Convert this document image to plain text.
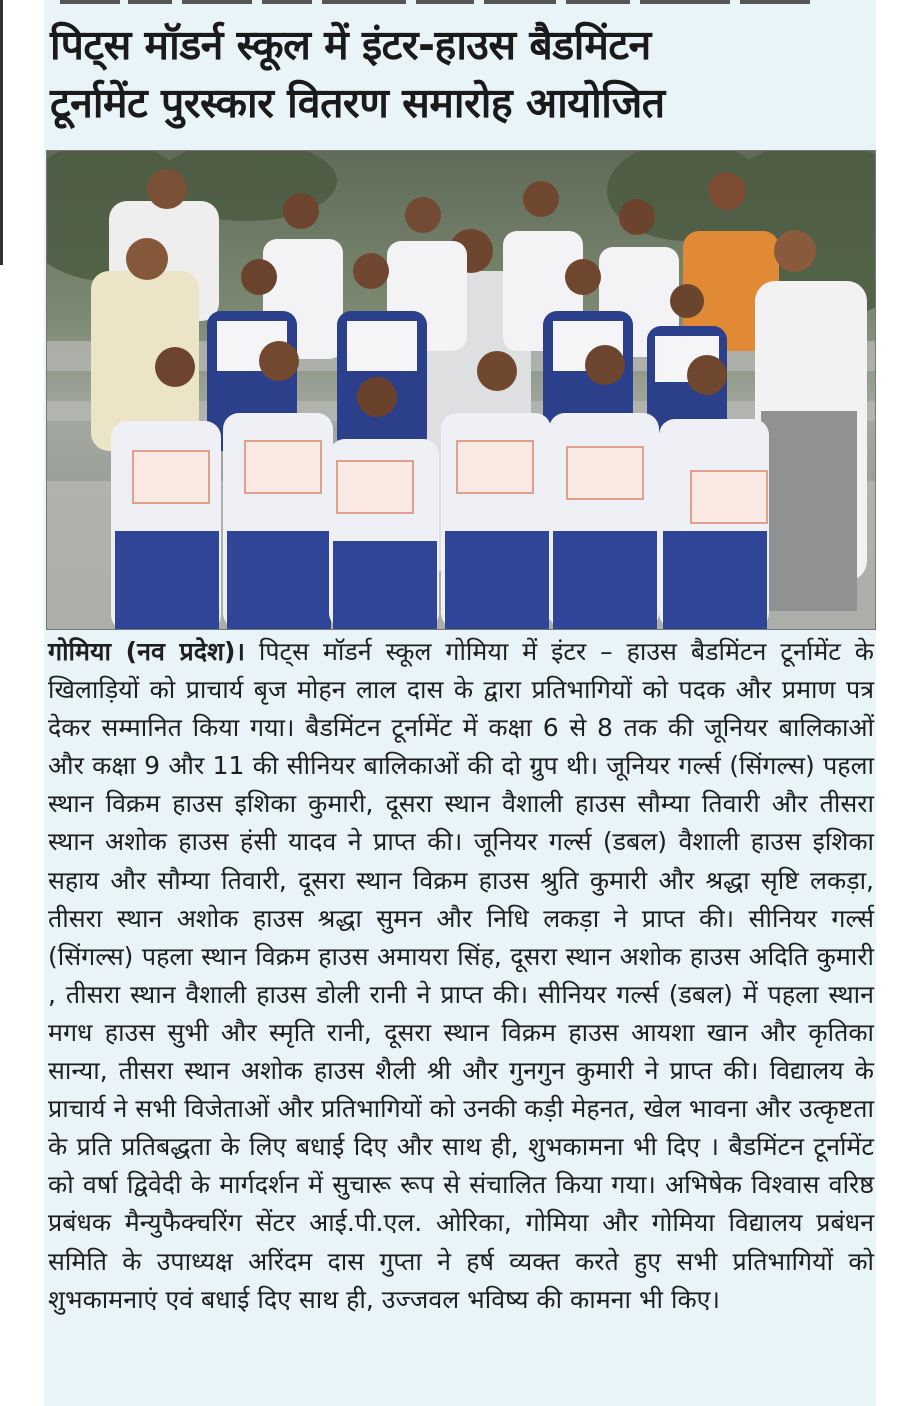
पिट्स मॉडर्न स्कूल में इंटर-हाउस बैडमिंटन
टूर्नामेंट पुरस्कार वितरण समारोह आयोजित

गोमिया (नव प्रदेश)। पिट्स मॉडर्न स्कूल गोमिया में इंटर – हाउस बैडमिंटन टूर्नामेंट के खिलाड़ियों को प्राचार्य बृज मोहन लाल दास के द्वारा प्रतिभागियों को पदक और प्रमाण पत्र देकर सम्मानित किया गया। बैडमिंटन टूर्नामेंट में कक्षा 6 से 8 तक की जूनियर बालिकाओं और कक्षा 9 और 11 की सीनियर बालिकाओं की दो ग्रुप थी। जूनियर गर्ल्स (सिंगल्स) पहला स्थान विक्रम हाउस इशिका कुमारी, दूसरा स्थान वैशाली हाउस सौम्या तिवारी और तीसरा स्थान अशोक हाउस हंसी यादव ने प्राप्त की। जूनियर गर्ल्स (डबल) वैशाली हाउस इशिका सहाय और सौम्या तिवारी, दूसरा स्थान विक्रम हाउस श्रुति कुमारी और श्रद्धा सृष्टि लकड़ा, तीसरा स्थान अशोक हाउस श्रद्धा सुमन और निधि लकड़ा ने प्राप्त की। सीनियर गर्ल्स (सिंगल्स) पहला स्थान विक्रम हाउस अमायरा सिंह, दूसरा स्थान अशोक हाउस अदिति कुमारी , तीसरा स्थान वैशाली हाउस डोली रानी ने प्राप्त की। सीनियर गर्ल्स (डबल) में पहला स्थान मगध हाउस सुभी और स्मृति रानी, दूसरा स्थान विक्रम हाउस आयशा खान और कृतिका सान्या, तीसरा स्थान अशोक हाउस शैली श्री और गुनगुन कुमारी ने प्राप्त की। विद्यालय के प्राचार्य ने सभी विजेताओं और प्रतिभागियों को उनकी कड़ी मेहनत, खेल भावना और उत्कृष्टता के प्रति प्रतिबद्धता के लिए बधाई दिए और साथ ही, शुभकामना भी दिए । बैडमिंटन टूर्नामेंट को वर्षा द्विवेदी के मार्गदर्शन में सुचारू रूप से संचालित किया गया। अभिषेक विश्वास वरिष्ठ प्रबंधक मैन्युफैक्चरिंग सेंटर आई.पी.एल. ओरिका, गोमिया और गोमिया विद्यालय प्रबंधन समिति के उपाध्यक्ष अरिंदम दास गुप्ता ने हर्ष व्यक्त करते हुए सभी प्रतिभागियों को शुभकामनाएं एवं बधाई दिए साथ ही, उज्जवल भविष्य की कामना भी किए।
